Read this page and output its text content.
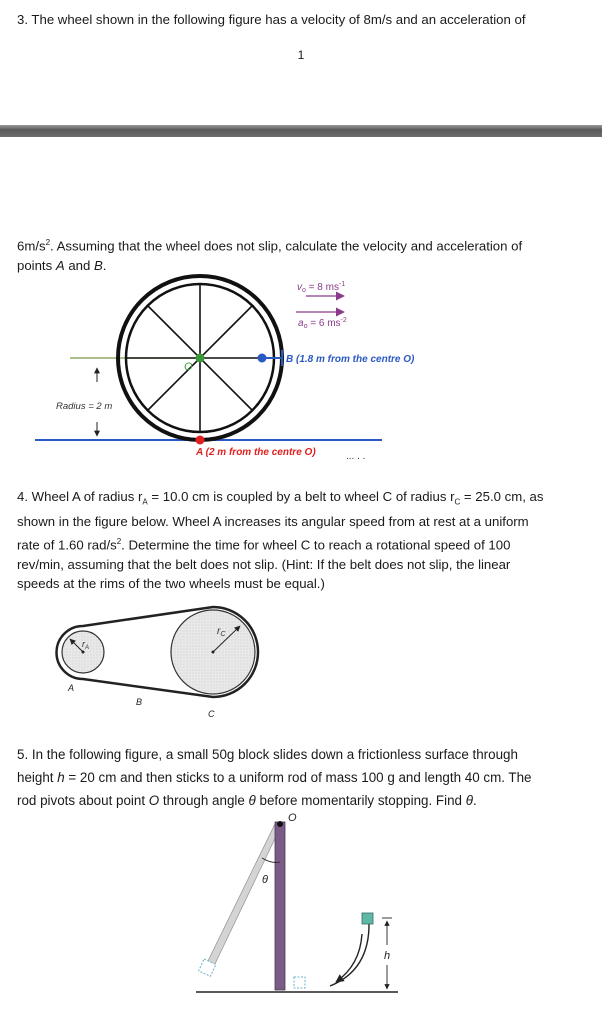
3. The wheel shown in the following figure has a velocity of 8m/s and an acceleration of
1
$6m/s^2$. Assuming that the wheel does not slip, calculate the velocity and acceleration of
points A and B.
4. Wheel A of radius $r_A = 10.0$ cm is coupled by a belt to wheel C of radius $r_C = 25.0$ cm, as
shown in the figure below. Wheel A increases its angular speed from at rest at a uniform
rate of 1.60 rad/$s^2$. Determine the time for wheel C to reach a rotational speed of 100
rev/min, assuming that the belt does not slip. (Hint: If the belt does not slip, the linear
speeds at the rims of the two wheels must be equal.)
5. In the following figure, a small 50g block slides down a frictionless surface through
height h = 20 cm and then sticks to a uniform rod of mass 100 g and length 40 cm. The
rod pivots about point O through angle θ before momentarily stopping. Find θ.
O
$v_o = 8$ $ms^{-1}$
$a_o = 6$ $ms^{-2}$
B (1.8 m from the centre O)
A (2 m from the centre O)
Radius = 2 m
... . .
$r_C$
$r_A$
A
B
C
O
θ
h
